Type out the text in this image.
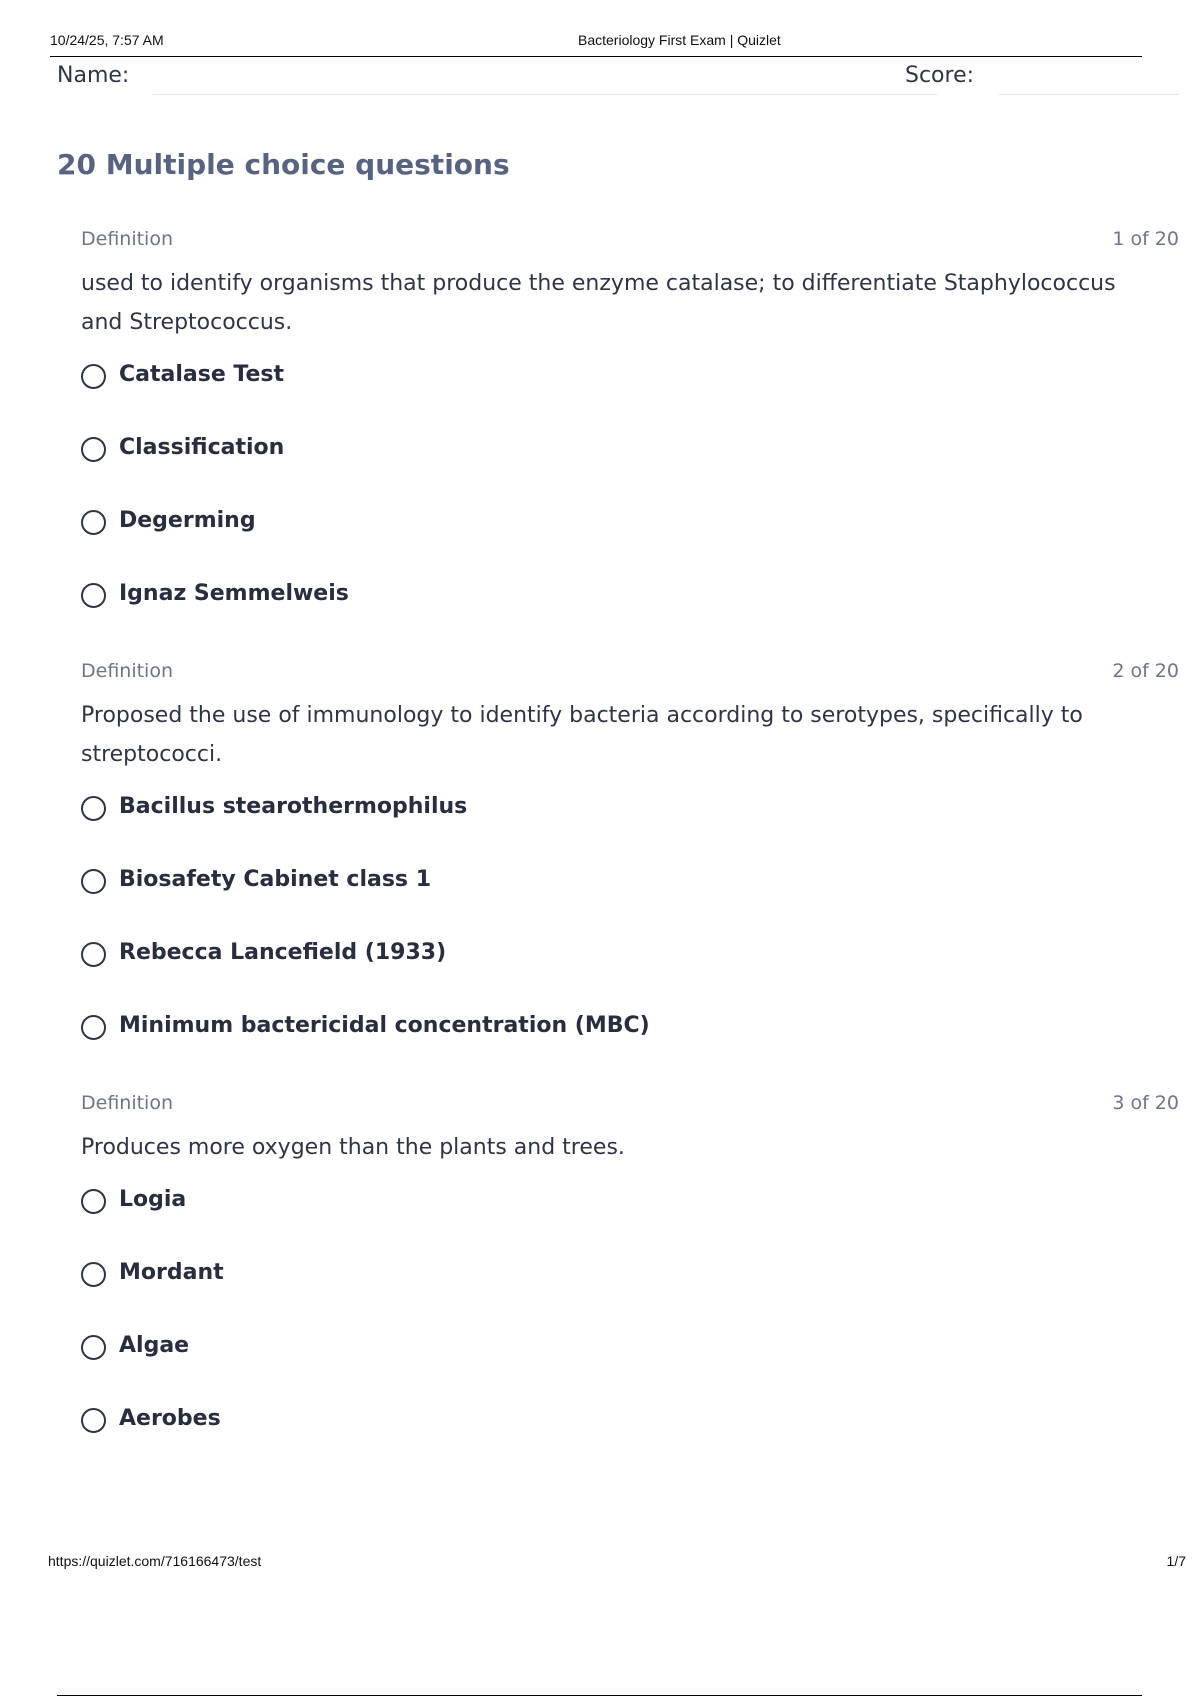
10/24/25, 7:57 AM	Bacteriology First Exam | Quizlet
Name:	Score:
20 Multiple choice questions
Definition	1 of 20
used to identify organisms that produce the enzyme catalase; to differentiate Staphylococcus and Streptococcus.
Catalase Test
Classification
Degerming
Ignaz Semmelweis
Definition	2 of 20
Proposed the use of immunology to identify bacteria according to serotypes, specifically to streptococci.
Bacillus stearothermophilus
Biosafety Cabinet class 1
Rebecca Lancefield (1933)
Minimum bactericidal concentration (MBC)
Definition	3 of 20
Produces more oxygen than the plants and trees.
Logia
Mordant
Algae
Aerobes
https://quizlet.com/716166473/test	1/7
